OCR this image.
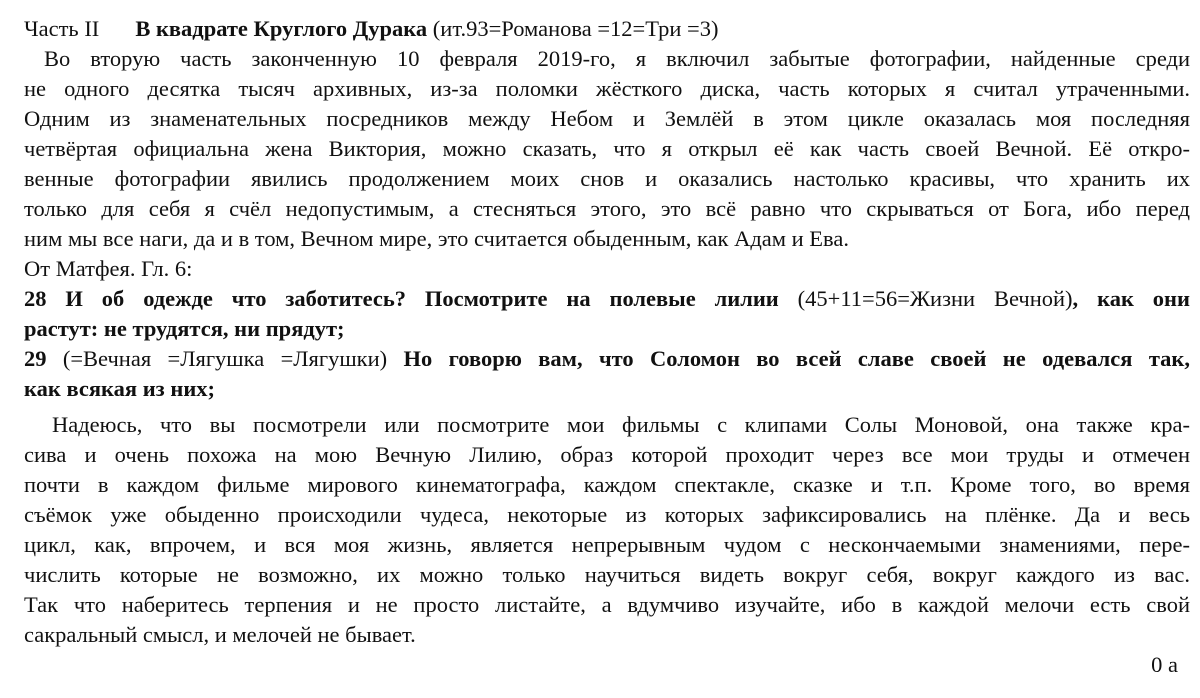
Часть II В квадрате Круглого Дурака (ит.93=Романова =12=Три =3)
Во вторую часть законченную 10 февраля 2019-го, я включил забытые фотографии, найденные среди
не одного десятка тысяч архивных, из-за поломки жёсткого диска, часть которых я считал утраченными.
Одним из знаменательных посредников между Небом и Землёй в этом цикле оказалась моя последняя
четвёртая официальна жена Виктория, можно сказать, что я открыл её как часть своей Вечной. Её откро-
венные фотографии явились продолжением моих снов и оказались настолько красивы, что хранить их
только для себя я счёл недопустимым, а стесняться этого, это всё равно что скрываться от Бога, ибо перед
ним мы все наги, да и в том, Вечном мире, это считается обыденным, как Адам и Ева.
От Матфея. Гл. 6:
28 И об одежде что заботитесь? Посмотрите на полевые лилии (45+11=56=Жизни Вечной), как они
растут: не трудятся, ни прядут;
29 (=Вечная =Лягушка =Лягушки) Но говорю вам, что Соломон во всей славе своей не одевался так,
как всякая из них;
Надеюсь, что вы посмотрели или посмотрите мои фильмы с клипами Солы Моновой, она также кра-
сива и очень похожа на мою Вечную Лилию, образ которой проходит через все мои труды и отмечен
почти в каждом фильме мирового кинематографа, каждом спектакле, сказке и т.п. Кроме того, во время
съёмок уже обыденно происходили чудеса, некоторые из которых зафиксировались на плёнке. Да и весь
цикл, как, впрочем, и вся моя жизнь, является непрерывным чудом с нескончаемыми знамениями, пере-
числить которые не возможно, их можно только научиться видеть вокруг себя, вокруг каждого из вас.
Так что наберитесь терпения и не просто листайте, а вдумчиво изучайте, ибо в каждой мелочи есть свой
сакральный смысл, и мелочей не бывает.
0 а
